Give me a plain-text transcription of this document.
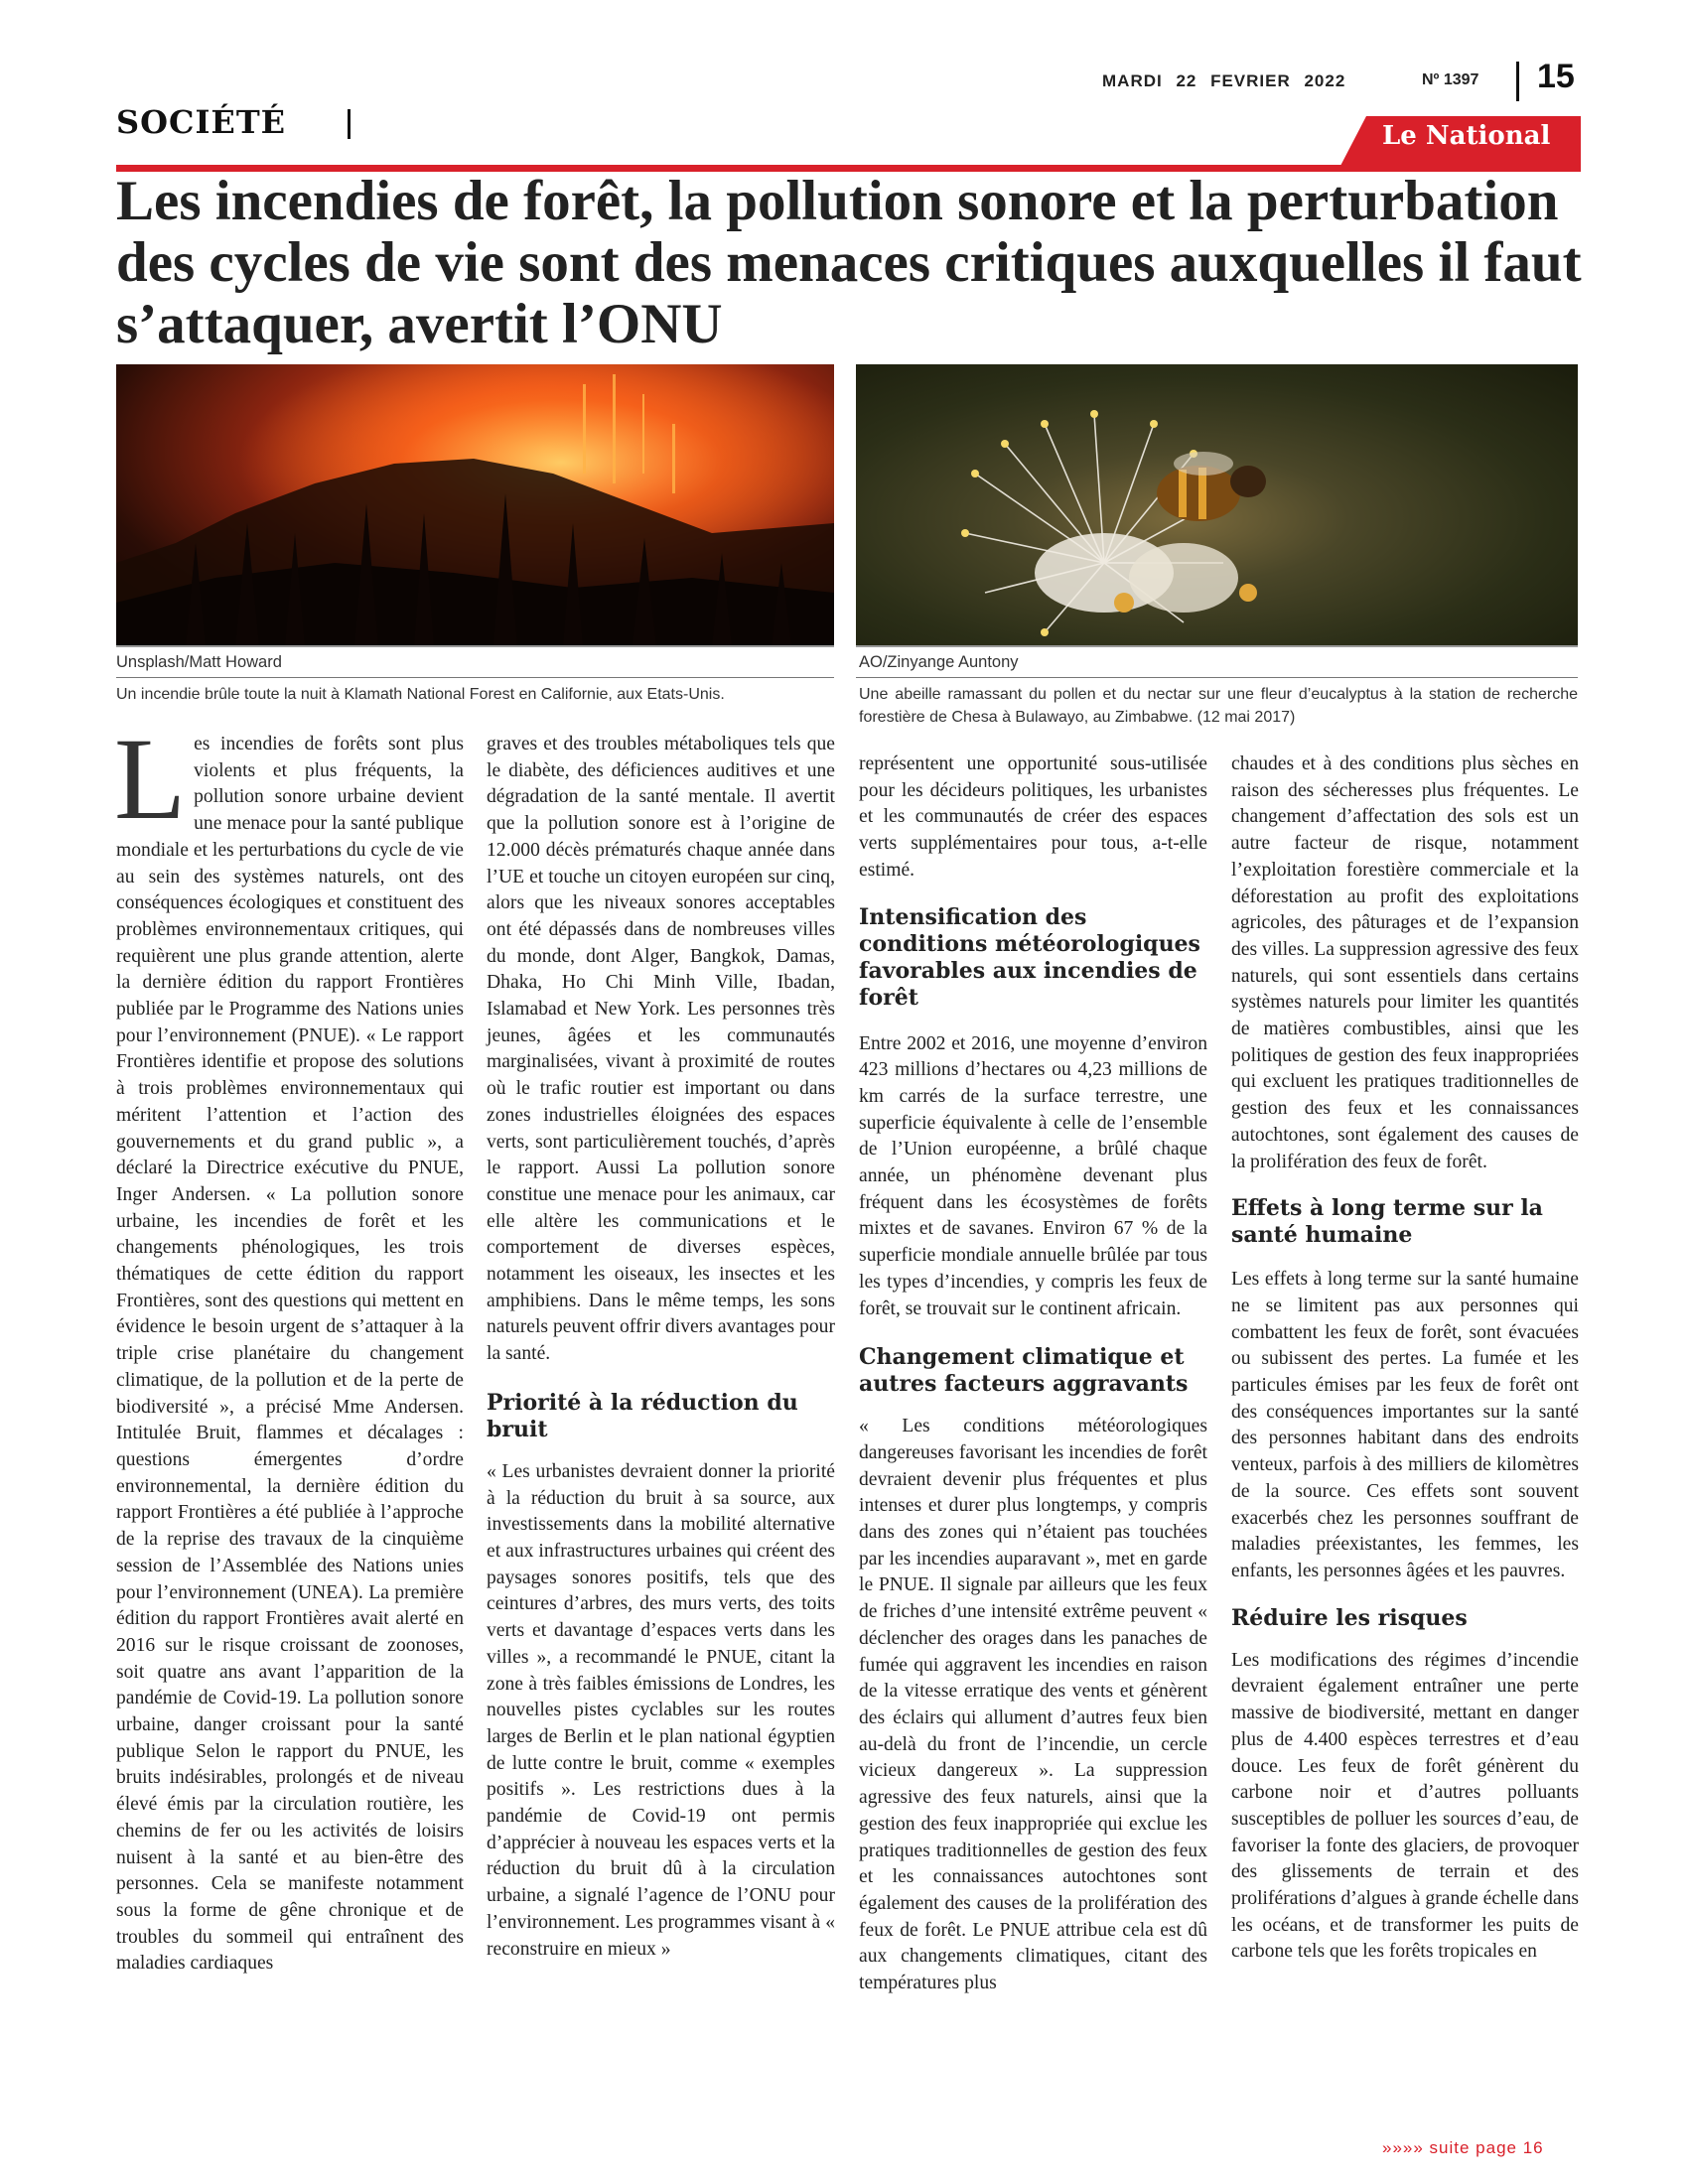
MARDI 22 FEVRIER 2022	Nº 1397 15
SOCIÉTÉ	Le National
Les incendies de forêt, la pollution sonore et la perturbation des cycles de vie sont des menaces critiques auxquelles il faut s’attaquer, avertit l’ONU
Unsplash/Matt Howard	AO/Zinyange Auntony
Un incendie brûle toute la nuit à Klamath National Forest en Californie, aux Etats-Unis.	Une abeille ramassant du pollen et du nectar sur une fleur d’eucalyptus à la station de recherche forestière de Chesa à Bulawayo, au Zimbabwe. (12 mai 2017)
L es incendies de forêts sont plus violents et plus fréquents, la pollution sonore urbaine devient une menace pour la santé publique mondiale et les perturbations du cycle de vie au sein des systèmes naturels, ont des conséquences écologiques et constituent des problèmes environnementaux critiques, qui requièrent une plus grande attention, alerte la dernière édition du rapport Frontières publiée par le Programme des Nations unies pour l’environnement (PNUE). « Le rapport Frontières identifie et propose des solutions à trois problèmes environnementaux qui méritent l’attention et l’action des gouvernements et du grand public », a déclaré la Directrice exécutive du PNUE, Inger Andersen. « La pollution sonore urbaine, les incendies de forêt et les changements phénologiques, les trois thématiques de cette édition du rapport Frontières, sont des questions qui mettent en évidence le besoin urgent de s’attaquer à la triple crise planétaire du changement climatique, de la pollution et de la perte de biodiversité », a précisé Mme Andersen. Intitulée Bruit, flammes et décalages : questions émergentes d’ordre environnemental, la dernière édition du rapport Frontières a été publiée à l’approche de la reprise des travaux de la cinquième session de l’Assemblée des Nations unies pour l’environnement (UNEA). La première édition du rapport Frontières avait alerté en 2016 sur le risque croissant de zoonoses, soit quatre ans avant l’apparition de la pandémie de Covid-19. La pollution sonore urbaine, danger croissant pour la santé publique Selon le rapport du PNUE, les bruits indésirables, prolongés et de niveau élevé émis par la circulation routière, les chemins de fer ou les activités de loisirs nuisent à la santé et au bien-être des personnes. Cela se manifeste notamment sous la forme de gêne chronique et de troubles du sommeil qui entraînent des maladies cardiaques

graves et des troubles métaboliques tels que le diabète, des déficiences auditives et une dégradation de la santé mentale. Il avertit que la pollution sonore est à l’origine de 12.000 décès prématurés chaque année dans l’UE et touche un citoyen européen sur cinq, alors que les niveaux sonores acceptables ont été dépassés dans de nombreuses villes du monde, dont Alger, Bangkok, Damas, Dhaka, Ho Chi Minh Ville, Ibadan, Islamabad et New York. Les personnes très jeunes, âgées et les communautés marginalisées, vivant à proximité de routes où le trafic routier est important ou dans zones industrielles éloignées des espaces verts, sont particulièrement touchés, d’après le rapport. Aussi La pollution sonore constitue une menace pour les animaux, car elle altère les communications et le comportement de diverses espèces, notamment les oiseaux, les insectes et les amphibiens. Dans le même temps, les sons naturels peuvent offrir divers avantages pour la santé.

Priorité à la réduction du bruit

« Les urbanistes devraient donner la priorité à la réduction du bruit à sa source, aux investissements dans la mobilité alternative et aux infrastructures urbaines qui créent des paysages sonores positifs, tels que des ceintures d’arbres, des murs verts, des toits verts et davantage d’espaces verts dans les villes », a recommandé le PNUE, citant la zone à très faibles émissions de Londres, les nouvelles pistes cyclables sur les routes larges de Berlin et le plan national égyptien de lutte contre le bruit, comme « exemples positifs ». Les restrictions dues à la pandémie de Covid-19 ont permis d’apprécier à nouveau les espaces verts et la réduction du bruit dû à la circulation urbaine, a signalé l’agence de l’ONU pour l’environnement. Les programmes visant à « reconstruire en mieux »

représentent une opportunité sous-utilisée pour les décideurs politiques, les urbanistes et les communautés de créer des espaces verts supplémentaires pour tous, a-t-elle estimé.

Intensification des conditions météorologiques favorables aux incendies de forêt

Entre 2002 et 2016, une moyenne d’environ 423 millions d’hectares ou 4,23 millions de km carrés de la surface terrestre, une superficie équivalente à celle de l’ensemble de l’Union européenne, a brûlé chaque année, un phénomène devenant plus fréquent dans les écosystèmes de forêts mixtes et de savanes. Environ 67 % de la superficie mondiale annuelle brûlée par tous les types d’incendies, y compris les feux de forêt, se trouvait sur le continent africain.

Changement climatique et autres facteurs aggravants

« Les conditions météorologiques dangereuses favorisant les incendies de forêt devraient devenir plus fréquentes et plus intenses et durer plus longtemps, y compris dans des zones qui n’étaient pas touchées par les incendies auparavant », met en garde le PNUE. Il signale par ailleurs que les feux de friches d’une intensité extrême peuvent « déclencher des orages dans les panaches de fumée qui aggravent les incendies en raison de la vitesse erratique des vents et génèrent des éclairs qui allument d’autres feux bien au-delà du front de l’incendie, un cercle vicieux dangereux ». La suppression agressive des feux naturels, ainsi que la gestion des feux inappropriée qui exclue les pratiques traditionnelles de gestion des feux et les connaissances autochtones sont également des causes de la prolifération des feux de forêt. Le PNUE attribue cela est dû aux changements climatiques, citant des températures plus

chaudes et à des conditions plus sèches en raison des sécheresses plus fréquentes. Le changement d’affectation des sols est un autre facteur de risque, notamment l’exploitation forestière commerciale et la déforestation au profit des exploitations agricoles, des pâturages et de l’expansion des villes. La suppression agressive des feux naturels, qui sont essentiels dans certains systèmes naturels pour limiter les quantités de matières combustibles, ainsi que les politiques de gestion des feux inappropriées qui excluent les pratiques traditionnelles de gestion des feux et les connaissances autochtones, sont également des causes de la prolifération des feux de forêt.

Effets à long terme sur la santé humaine

Les effets à long terme sur la santé humaine ne se limitent pas aux personnes qui combattent les feux de forêt, sont évacuées ou subissent des pertes. La fumée et les particules émises par les feux de forêt ont des conséquences importantes sur la santé des personnes habitant dans des endroits venteux, parfois à des milliers de kilomètres de la source. Ces effets sont souvent exacerbés chez les personnes souffrant de maladies préexistantes, les femmes, les enfants, les personnes âgées et les pauvres.

Réduire les risques

Les modifications des régimes d’incendie devraient également entraîner une perte massive de biodiversité, mettant en danger plus de 4.400 espèces terrestres et d’eau douce. Les feux de forêt génèrent du carbone noir et d’autres polluants susceptibles de polluer les sources d’eau, de favoriser la fonte des glaciers, de provoquer des glissements de terrain et des proliférations d’algues à grande échelle dans les océans, et de transformer les puits de carbone tels que les forêts tropicales en

»»»» suite page 16
